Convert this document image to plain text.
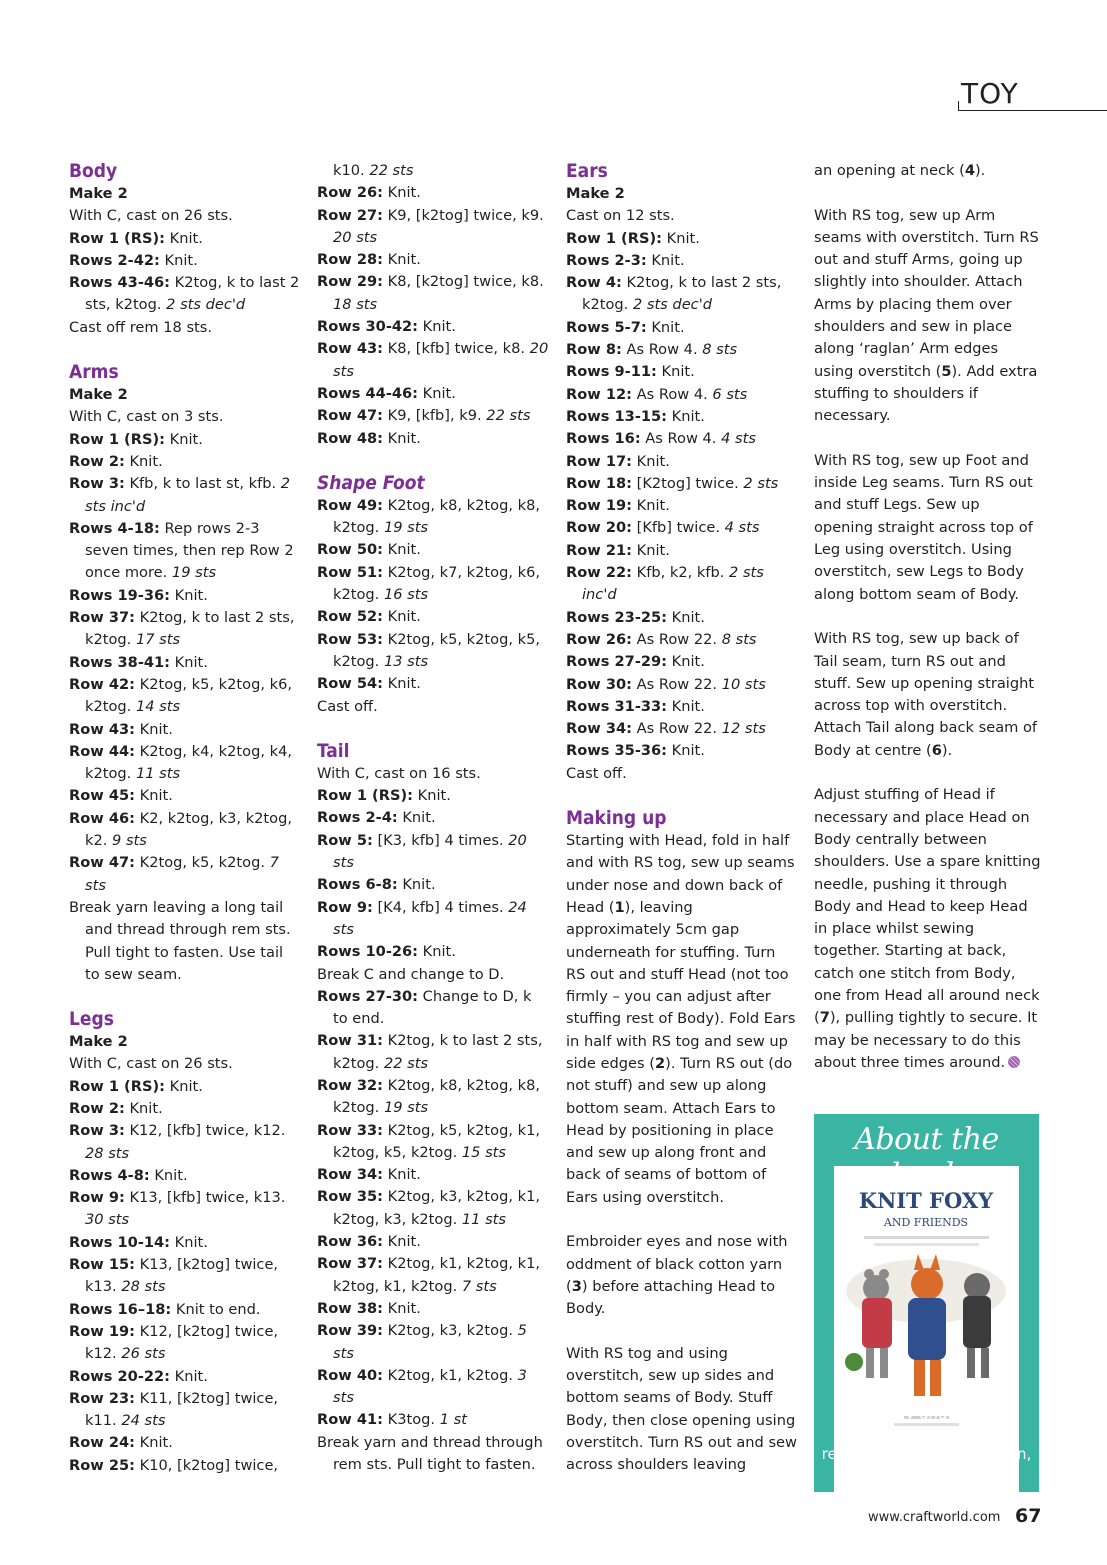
TOY
Body
Make 2
With C, cast on 26 sts.
Row 1 (RS): Knit.
Rows 2-42: Knit.
Rows 43-46: K2tog, k to last 2 sts, k2tog. 2 sts dec'd
Cast off rem 18 sts.
Arms
Make 2
With C, cast on 3 sts.
Row 1 (RS): Knit.
Row 2: Knit.
Row 3: Kfb, k to last st, kfb. 2 sts inc'd
Rows 4-18: Rep rows 2-3 seven times, then rep Row 2 once more. 19 sts
Rows 19-36: Knit.
Row 37: K2tog, k to last 2 sts, k2tog. 17 sts
Rows 38-41: Knit.
Row 42: K2tog, k5, k2tog, k6, k2tog. 14 sts
Row 43: Knit.
Row 44: K2tog, k4, k2tog, k4, k2tog. 11 sts
Row 45: Knit.
Row 46: K2, k2tog, k3, k2tog, k2. 9 sts
Row 47: K2tog, k5, k2tog. 7 sts
Break yarn leaving a long tail and thread through rem sts. Pull tight to fasten. Use tail to sew seam.
Legs
Make 2
With C, cast on 26 sts.
Row 1 (RS): Knit.
Row 2: Knit.
Row 3: K12, [kfb] twice, k12. 28 sts
Rows 4-8: Knit.
Row 9: K13, [kfb] twice, k13. 30 sts
Rows 10-14: Knit.
Row 15: K13, [k2tog] twice, k13. 28 sts
Rows 16–18: Knit to end.
Row 19: K12, [k2tog] twice, k12. 26 sts
Rows 20-22: Knit.
Row 23: K11, [k2tog] twice, k11. 24 sts
Row 24: Knit.
Row 25: K10, [k2tog] twice,
k10. 22 sts
Row 26: Knit.
Row 27: K9, [k2tog] twice, k9. 20 sts
Row 28: Knit.
Row 29: K8, [k2tog] twice, k8. 18 sts
Rows 30-42: Knit.
Row 43: K8, [kfb] twice, k8. 20 sts
Rows 44-46: Knit.
Row 47: K9, [kfb], k9. 22 sts
Row 48: Knit.
Shape Foot
Row 49: K2tog, k8, k2tog, k8, k2tog. 19 sts
Row 50: Knit.
Row 51: K2tog, k7, k2tog, k6, k2tog. 16 sts
Row 52: Knit.
Row 53: K2tog, k5, k2tog, k5, k2tog. 13 sts
Row 54: Knit.
Cast off.
Tail
With C, cast on 16 sts.
Row 1 (RS): Knit.
Rows 2-4: Knit.
Row 5: [K3, kfb] 4 times. 20 sts
Rows 6-8: Knit.
Row 9: [K4, kfb] 4 times. 24 sts
Rows 10-26: Knit.
Break C and change to D.
Rows 27-30: Change to D, k to end.
Row 31: K2tog, k to last 2 sts, k2tog. 22 sts
Row 32: K2tog, k8, k2tog, k8, k2tog. 19 sts
Row 33: K2tog, k5, k2tog, k1, k2tog, k5, k2tog. 15 sts
Row 34: Knit.
Row 35: K2tog, k3, k2tog, k1, k2tog, k3, k2tog. 11 sts
Row 36: Knit.
Row 37: K2tog, k1, k2tog, k1, k2tog, k1, k2tog. 7 sts
Row 38: Knit.
Row 39: K2tog, k3, k2tog. 5 sts
Row 40: K2tog, k1, k2tog. 3 sts
Row 41: K3tog. 1 st
Break yarn and thread through rem sts. Pull tight to fasten.
Ears
Make 2
Cast on 12 sts.
Row 1 (RS): Knit.
Rows 2-3: Knit.
Row 4: K2tog, k to last 2 sts, k2tog. 2 sts dec'd
Rows 5-7: Knit.
Row 8: As Row 4. 8 sts
Rows 9-11: Knit.
Row 12: As Row 4. 6 sts
Rows 13-15: Knit.
Rows 16: As Row 4. 4 sts
Row 17: Knit.
Row 18: [K2tog] twice. 2 sts
Row 19: Knit.
Row 20: [Kfb] twice. 4 sts
Row 21: Knit.
Row 22: Kfb, k2, kfb. 2 sts inc'd
Rows 23-25: Knit.
Row 26: As Row 22. 8 sts
Rows 27-29: Knit.
Row 30: As Row 22. 10 sts
Rows 31-33: Knit.
Row 34: As Row 22. 12 sts
Rows 35-36: Knit.
Cast off.
Making up

Starting with Head, fold in half and with RS tog, sew up seams under nose and down back of Head (1), leaving approximately 5cm gap underneath for stuffing. Turn RS out and stuff Head (not too firmly – you can adjust after stuffing rest of Body). Fold Ears in half with RS tog and sew up side edges (2). Turn RS out (do not stuff) and sew up along bottom seam. Attach Ears to Head by positioning in place and sew up along front and back of seams of bottom of Ears using overstitch.

Embroider eyes and nose with oddment of black cotton yarn (3) before attaching Head to Body.

With RS tog and using overstitch, sew up sides and bottom seams of Body. Stuff Body, then close opening using overstitch. Turn RS out and sew across shoulders leaving

an opening at neck (4).

With RS tog, sew up Arm seams with overstitch. Turn RS out and stuff Arms, going up slightly into shoulder. Attach Arms by placing them over shoulders and sew in place along ‘raglan’ Arm edges using overstitch (5). Add extra stuffing to shoulders if necessary.

With RS tog, sew up Foot and inside Leg seams. Turn RS out and stuff Legs. Sew up opening straight across top of Leg using overstitch. Using overstitch, sew Legs to Body along bottom seam of Body.

With RS tog, sew up back of Tail seam, turn RS out and stuff. Sew up opening straight across top with overstitch. Attach Tail along back seam of Body at centre (6).

Adjust stuffing of Head if necessary and place Head on Body centrally between shoulders. Use a spare knitting needle, pushing it through Body and Head to keep Head in place whilst sewing together. Starting at back, catch one stitch from Body, one from Head all around neck (7), pulling tightly to secure. It may be necessary to do this about three times around.

About the
KNIT FOXY
AND FRIENDS
Knit Foxy and Friends
is available at all good retailers, including Amazon, WHSmiths & more!
www.craftworld.com 67
